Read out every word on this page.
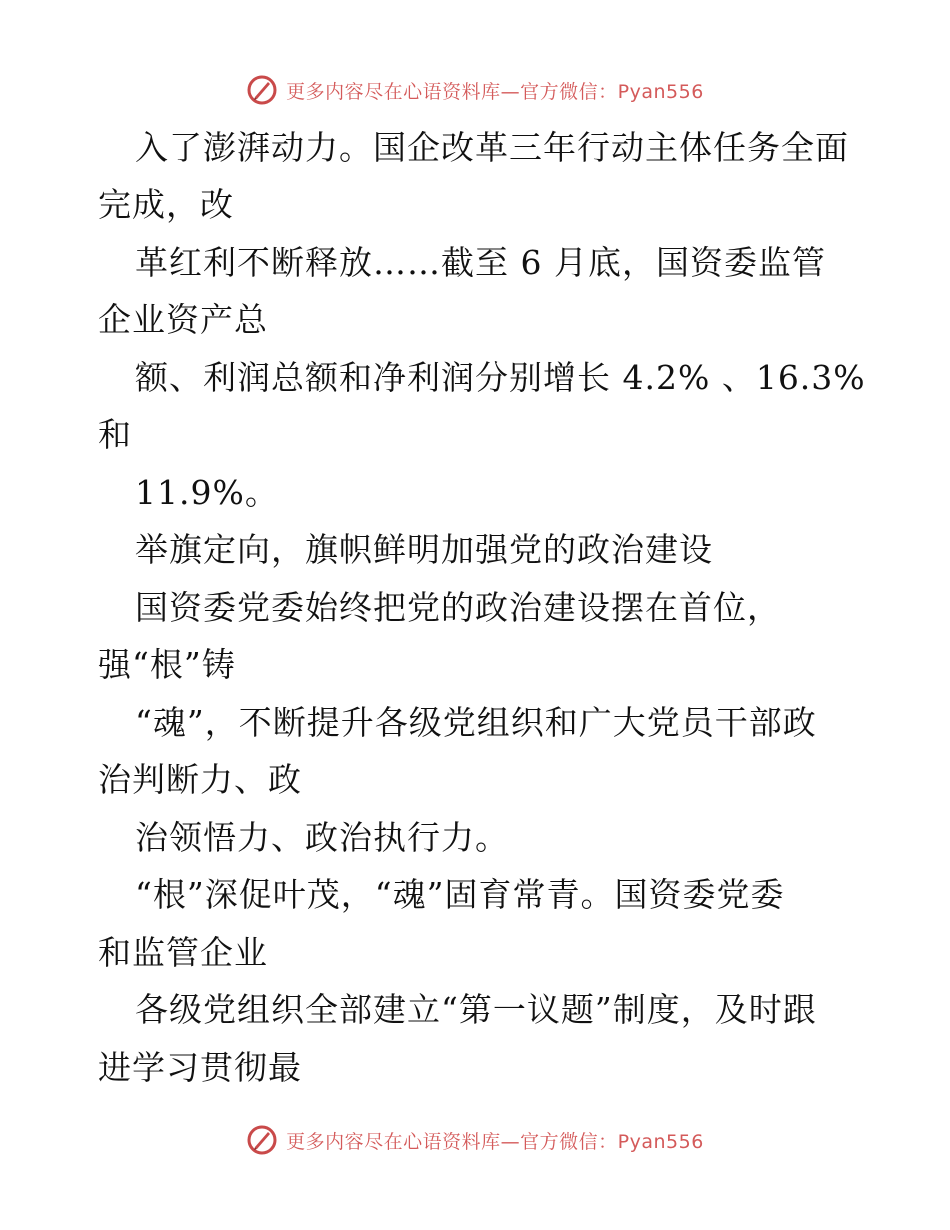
更多内容尽在心语资料库—官方微信：Pyan556
入了澎湃动力。国企改革三年行动主体任务全面
完成，改
革红利不断释放……截至 6 月底，国资委监管
企业资产总
额、利润总额和净利润分别增长 4.2% 、16.3%
和
11.9%。
举旗定向，旗帜鲜明加强党的政治建设
国资委党委始终把党的政治建设摆在首位，
强“根”铸
“魂”，不断提升各级党组织和广大党员干部政
治判断力、政
治领悟力、政治执行力。
“根”深促叶茂，“魂”固育常青。国资委党委
和监管企业
各级党组织全部建立“第一议题”制度，及时跟
进学习贯彻最
更多内容尽在心语资料库—官方微信：Pyan556
